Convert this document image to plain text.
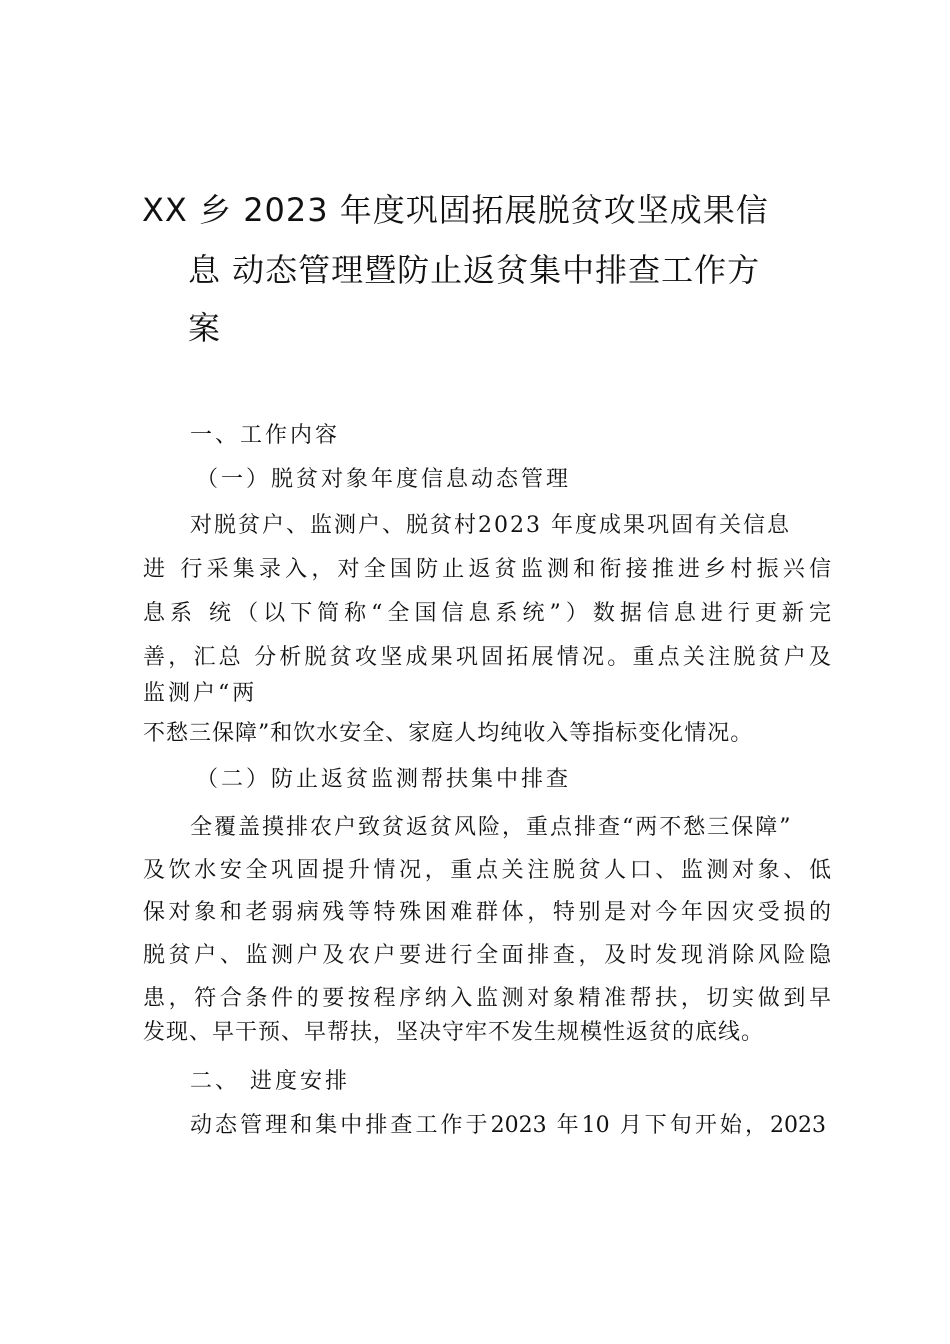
XX 乡 2023 年度巩固拓展脱贫攻坚成果信
息 动态管理暨防止返贫集中排查工作方
案
一、工作内容
（一）脱贫对象年度信息动态管理
对脱贫户、监测户、脱贫村2023 年度成果巩固有关信息
进 行采集录入，对全国防止返贫监测和衔接推进乡村振兴信
息系 统（以下简称“全国信息系统”）数据信息进行更新完
善，汇总 分析脱贫攻坚成果巩固拓展情况。重点关注脱贫户及
监测户“两
不愁三保障”和饮水安全、家庭人均纯收入等指标变化情况。
（二）防止返贫监测帮扶集中排查
全覆盖摸排农户致贫返贫风险，重点排查“两不愁三保障”
及饮水安全巩固提升情况，重点关注脱贫人口、监测对象、低
保对象和老弱病残等特殊困难群体，特别是对今年因灾受损的
脱贫户、监测户及农户要进行全面排查，及时发现消除风险隐
患，符合条件的要按程序纳入监测对象精准帮扶，切实做到早
发现、早干预、早帮扶，坚决守牢不发生规模性返贫的底线。
二、 进度安排
动态管理和集中排查工作于2023 年10 月下旬开始，2023
